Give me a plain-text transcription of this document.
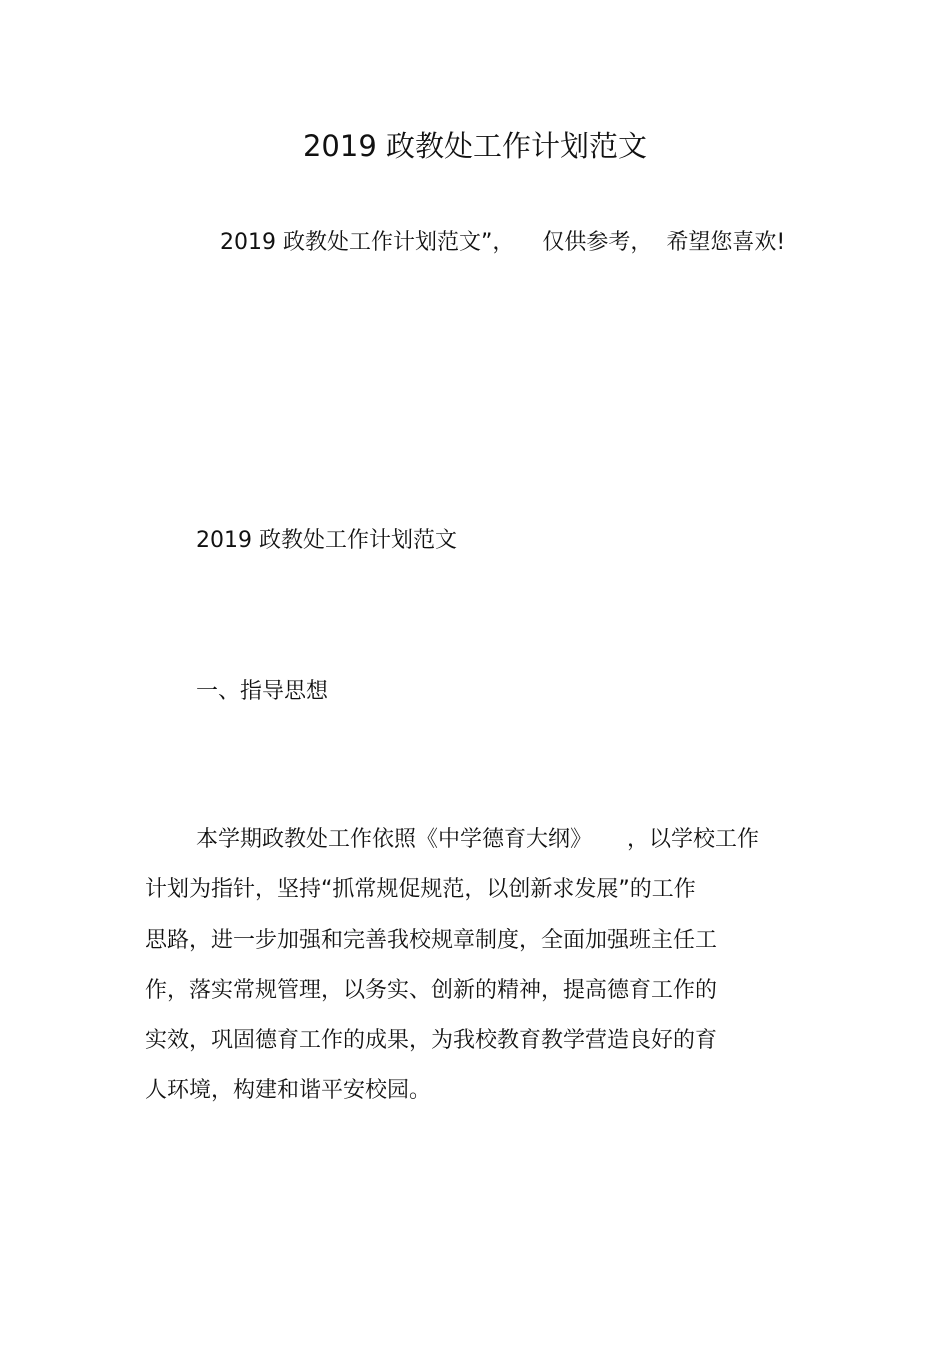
2019 政教处工作计划范文
2019 政教处工作计划范文”，    仅供参考，  希望您喜欢!
2019 政教处工作计划范文
一、指导思想
本学期政教处工作依照《中学德育大纲》     ，以学校工作
计划为指针，坚持“抓常规促规范，以创新求发展”的工作
思路，进一步加强和完善我校规章制度，全面加强班主任工
作，落实常规管理，以务实、创新的精神，提高德育工作的
实效，巩固德育工作的成果，为我校教育教学营造良好的育
人环境，构建和谐平安校园。
